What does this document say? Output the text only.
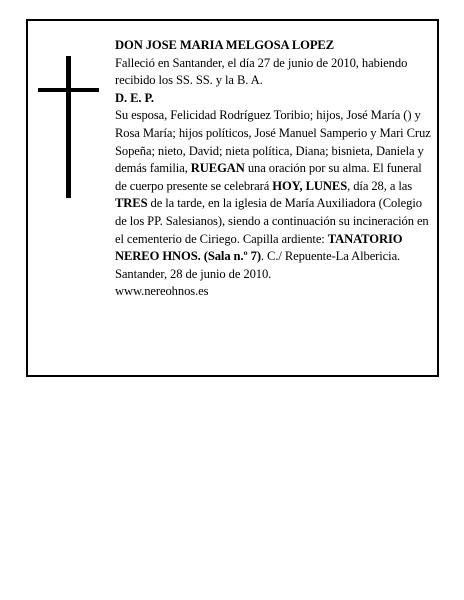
DON JOSE MARIA MELGOSA LOPEZ

Falleció en Santander, el día 27 de junio de 2010, habiendo recibido los SS. SS. y la B. A.

D. E. P.

Su esposa, Felicidad Rodríguez Toribio; hijos, José María () y Rosa María; hijos políticos, José Manuel Samperio y Mari Cruz Sopeña; nieto, David; nieta política, Diana; bisnieta, Daniela y demás familia, RUEGAN una oración por su alma. El funeral de cuerpo presente se celebrará HOY, LUNES, día 28, a las TRES de la tarde, en la iglesia de María Auxiliadora (Colegio de los PP. Salesianos), siendo a continuación su incineración en el cementerio de Ciriego. Capilla ardiente: TANATORIO NEREO HNOS. (Sala n.º 7). C./ Repuente-La Albericia.

Santander, 28 de junio de 2010.

www.nereohnos.es
